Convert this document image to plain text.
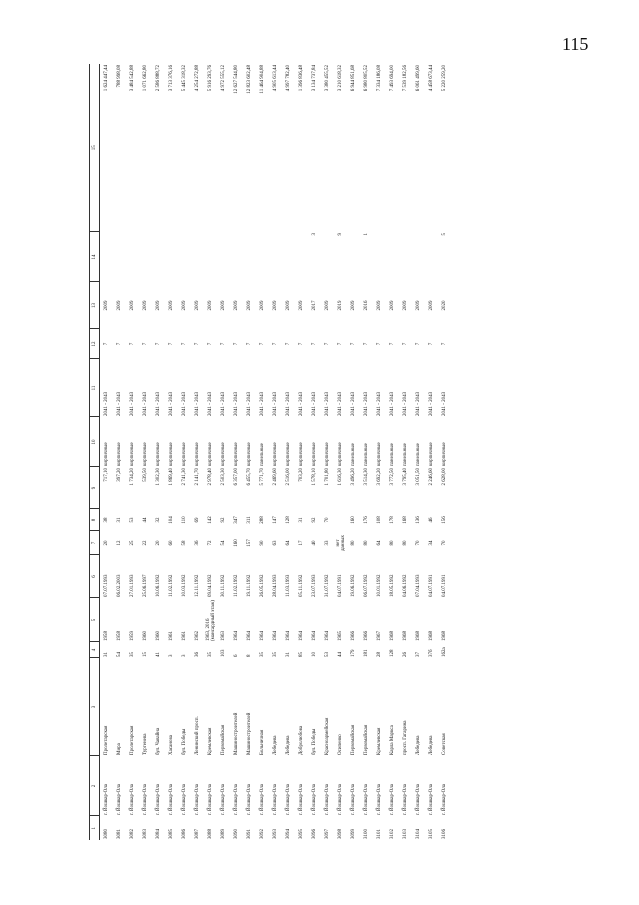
115
1	2	3	4	5	6	7	8	9	10	11	12	13	14	15
3080	г. Йошкар-Ола	Пролетарская	31	1958	07.07.1993	20	38	717,10	кирпичные	2041 - 2043	7	2009		1 624 447,44
3081	г. Йошкар-Ола	Мира	54	1958	06.02.2003	12	31	397,20	кирпичные	2041 - 2043	7	2009		788 998,08
3082	г. Йошкар-Ола	Пролетарская	35	1959	27.01.1993	25	53	1 734,20	кирпичные	2041 - 2043	7	2009		3 484 542,88
3083	г. Йошкар-Ола	Тургенева	15	1960	25.06.1997	22	44	539,50	кирпичные	2041 - 2043	7	2009		1 071 662,80
3084	г. Йошкар-Ола	бул. Чавайна	41	1960	10.06.1992	20	32	1 302,30	кирпичные	2041 - 2043	7	2009		2 586 888,72
3085	г. Йошкар-Ола	Хасанова	3	1961	11.02.1992	60	104	1 869,40	кирпичные	2041 - 2043	7	2009		3 713 376,16
3086	г. Йошкар-Ола	бул. Победы	3	1961	10.03.1992	58	110	2 741,30	кирпичные	2041 - 2043	7	2009		5 445 318,32
3087	г. Йошкар-Ола	Ленинский просп.	36	1962	12.11.1992	36	69	2 141,70	кирпичные	2041 - 2043	7	2009		4 254 272,88
3088	г. Йошкар-Ола	Кремлевская	35	1963, 2016 (мансардный этаж)	09.04.1992	72	142	2 978,40	кирпичные	2041 - 2043	7	2009		5 916 293,76
3089	г. Йошкар-Ола	Первомайская	103	1963	30.11.1992	54	92	2 503,30	кирпичные	2041 - 2043	7	2009		4 972 555,12
3090	г. Йошкар-Ола	Машиностроителей	6	1964	11.02.1992	160	347	6 357,00	кирпичные	2041 - 2043	7	2009		12 627 544,80
3091	г. Йошкар-Ола	Машиностроителей	8	1964	19.11.1992	157	311	6 455,70	кирпичные	2041 - 2043	7	2009		12 823 602,48
3092	г. Йошкар-Ола	Больничная	35	1964	26.05.1992	90	288	5 771,70	панельные	2041 - 2043	7	2009		11 464 904,88
3093	г. Йошкар-Ола	Лебедева	35	1964	28.04.1993	63	147	2 469,60	кирпичные	2041 - 2043	7	2009		4 905 613,44
3094	г. Йошкар-Ола	Лебедева	31	1964	11.03.1993	64	128	2 516,00	кирпичные	2041 - 2043	7	2009		4 997 782,40
3095	г. Йошкар-Ола	Добролюбова	85	1964	05.11.1992	17	31	703,20	кирпичные	2041 - 2043	7	2009		1 396 836,48
3096	г. Йошкар-Ола	бул. Победы	10	1964	23.07.1993	40	92	1 578,10	кирпичные	2041 - 2043	7	2017	3	3 134 737,84
3097	г. Йошкар-Ола	Красноармейская	53	1964	31.07.1992	33	70	1 701,80	кирпичные	2041 - 2043	7	2009		3 380 455,52
3098	г. Йошкар-Ола	Осипенко	44	1965	04.07.1991	нет данных		1 616,30	кирпичные	2041 - 2043	7	2019	9	3 210 618,32
3099	г. Йошкар-Ола	Первомайская	179	1966	19.06.1992	80	160	3 496,20	панельные	2041 - 2043	7	2009		6 944 851,68
3100	г. Йошкар-Ола	Первомайская	181	1966	06.07.1992	80	176	3 514,30	панельные	2041 - 2043	7	2016	1	6 980 805,52
3101	г. Йошкар-Ола	Кремлевская	28	1967	10.01.1992	64	108	3 692,20	кирпичные	2041 - 2043	7	2009		7 334 186,08
3102	г. Йошкар-Ола	Карла Маркса	128	1968	18.05.1992	80	178	3 772,50	панельные	2041 - 2043	7	2009		7 493 694,00
3103	г. Йошкар-Ола	просп. Гагарина	26	1968	04.06.1992	80	168	3 795,40	панельные	2041 - 2043	7	2009		7 539 182,56
3104	г. Йошкар-Ола	Лебедева	37	1968	07.04.1993	70	136	3 051,50	панельные	2041 - 2043	7	2009		6 061 499,60
3105	г. Йошкар-Ола	Лебедева	37б	1968	04.07.1991	34	46	2 246,60	кирпичные	2041 - 2043	7	2009		4 458 673,44
3106	г. Йошкар-Ола	Советская	162а	1968	04.07.1991	70	156	2 628,00	кирпичные	2041 - 2043	7	2020	5	5 220 259,20
